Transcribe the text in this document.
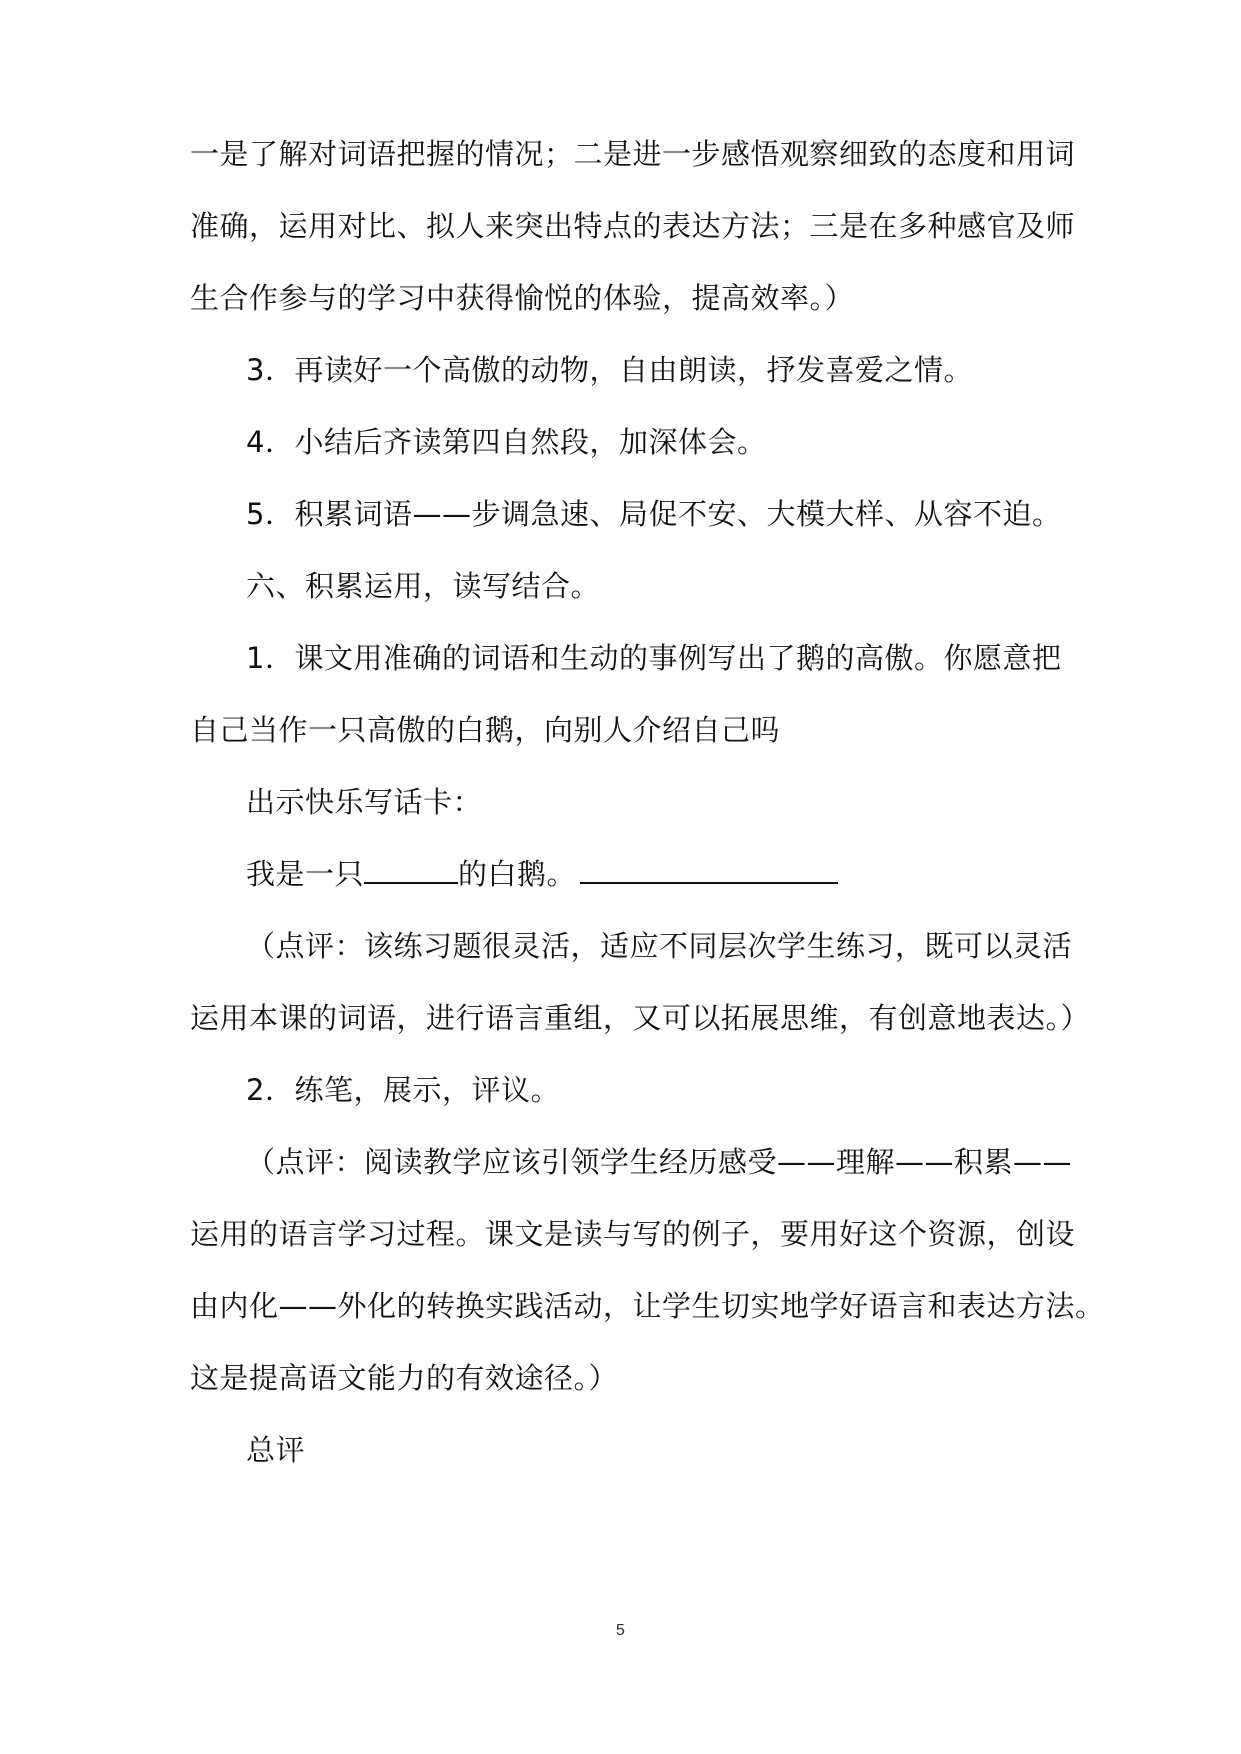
一是了解对词语把握的情况；二是进一步感悟观察细致的态度和用词
准确，运用对比、拟人来突出特点的表达方法；三是在多种感官及师
生合作参与的学习中获得愉悦的体验，提高效率。）
3．再读好一个高傲的动物，自由朗读，抒发喜爱之情。
4．小结后齐读第四自然段，加深体会。
5．积累词语——步调急速、局促不安、大模大样、从容不迫。
六、积累运用，读写结合。
1．课文用准确的词语和生动的事例写出了鹅的高傲。你愿意把
自己当作一只高傲的白鹅，向别人介绍自己吗
出示快乐写话卡：
我是一只	的白鹅。
（点评：该练习题很灵活，适应不同层次学生练习，既可以灵活
运用本课的词语，进行语言重组，又可以拓展思维，有创意地表达。）
2．练笔，展示，评议。
（点评：阅读教学应该引领学生经历感受——理解——积累——
运用的语言学习过程。课文是读与写的例子，要用好这个资源，创设
由内化——外化的转换实践活动，让学生切实地学好语言和表达方法。
这是提高语文能力的有效途径。）
总评
5
